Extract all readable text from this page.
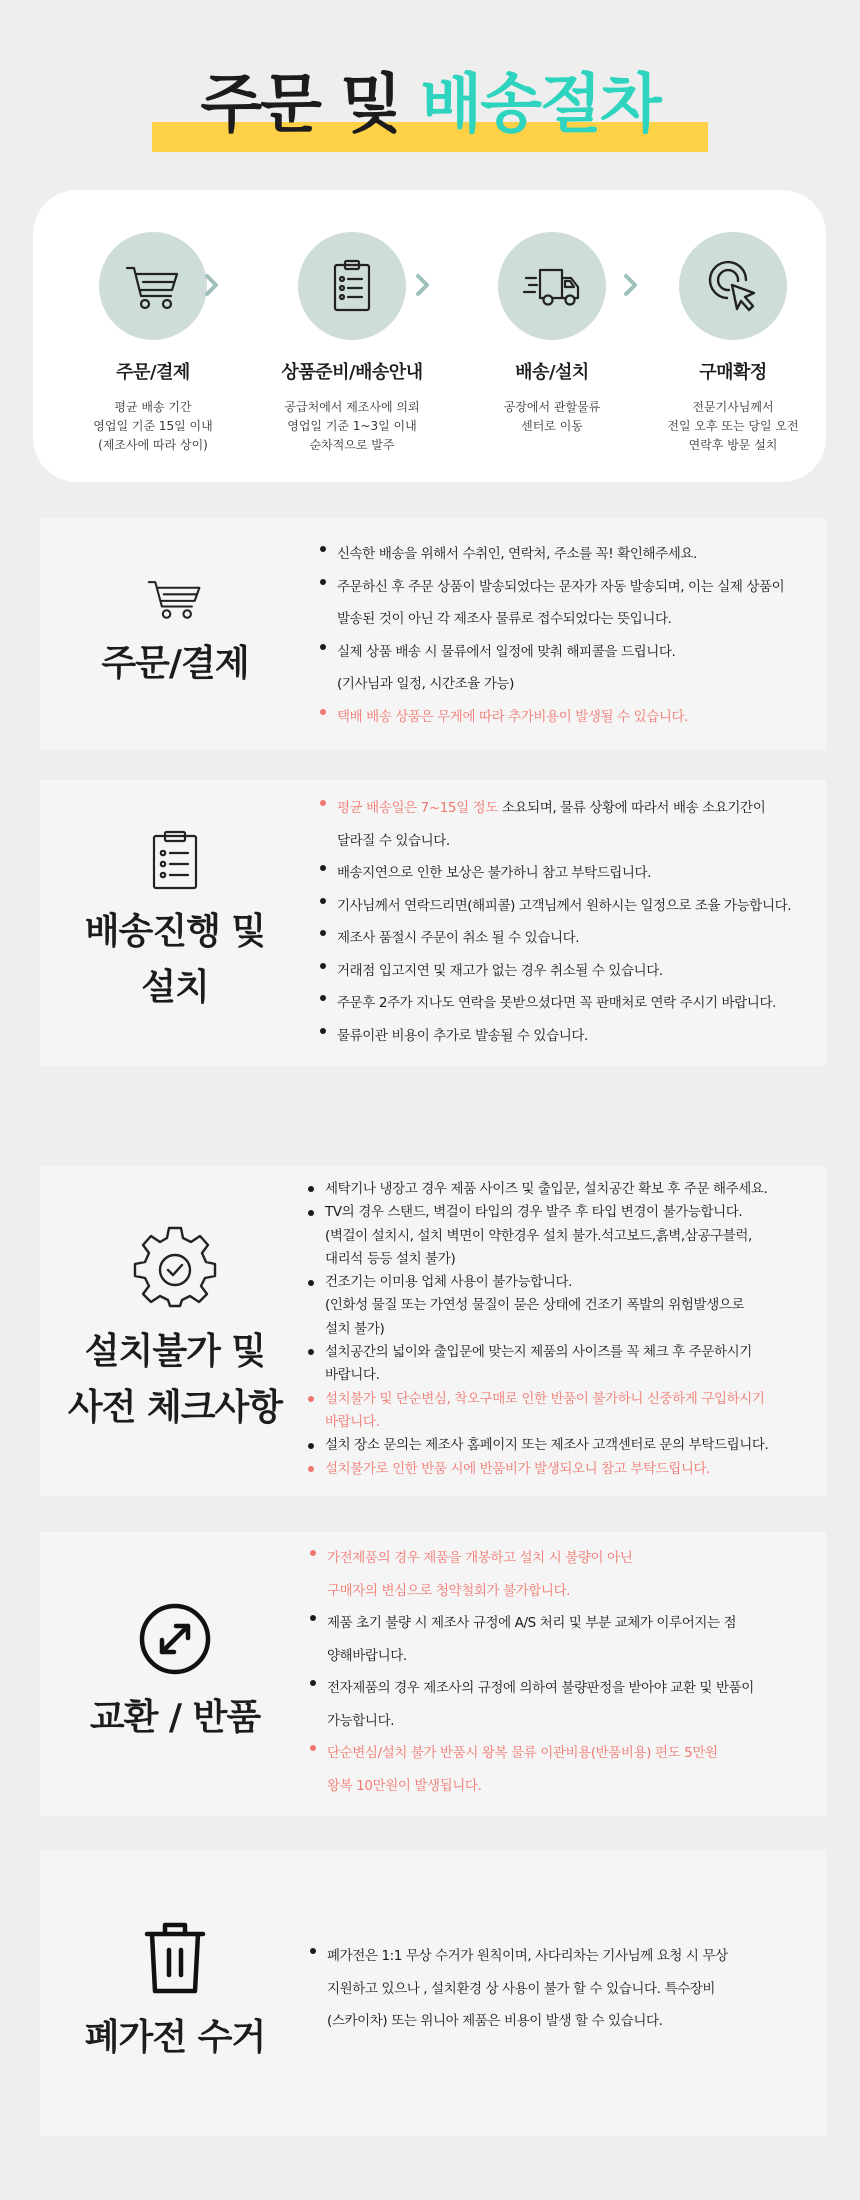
주문 및 배송절차
주문/결제
평균 배송 기간
영업일 기준 15일 이내
(제조사에 따라 상이)
상품준비/배송안내
공급처에서 제조사에 의뢰
영업일 기준 1~3일 이내
순차적으로 발주
배송/설치
공장에서 관할물류
센터로 이동
구매확정
전문기사님께서
전일 오후 또는 당일 오전
연락후 방문 설치
주문/결제
신속한 배송을 위해서 수취인, 연락처, 주소를 꼭! 확인해주세요.
주문하신 후 주문 상품이 발송되었다는 문자가 자동 발송되며, 이는 실제 상품이
발송된 것이 아닌 각 제조사 물류로 접수되었다는 뜻입니다.
실제 상품 배송 시 물류에서 일정에 맞춰 해피콜을 드립니다.
(기사님과 일정, 시간조율 가능)
택배 배송 상품은 무게에 따라 추가비용이 발생될 수 있습니다.
배송진행 및
설치
평균 배송일은 7~15일 정도 소요되며, 물류 상황에 따라서 배송 소요기간이
달라질 수 있습니다.
배송지연으로 인한 보상은 불가하니 참고 부탁드립니다.
기사님께서 연락드리면(해피콜) 고객님께서 원하시는 일정으로 조율 가능합니다.
제조사 품절시 주문이 취소 될 수 있습니다.
거래점 입고지연 및 재고가 없는 경우 취소될 수 있습니다.
주문후 2주가 지나도 연락을 못받으셨다면 꼭 판매처로 연락 주시기 바랍니다.
물류이관 비용이 추가로 발송될 수 있습니다.
설치불가 및
사전 체크사항
세탁기나 냉장고 경우 제품 사이즈 및 출입문, 설치공간 확보 후 주문 해주세요.
TV의 경우 스탠드, 벽걸이 타입의 경우 발주 후 타입 변경이 불가능합니다.
(벽걸이 설치시, 설치 벽면이 약한경우 설치 불가.석고보드,흙벽,삼공구블럭,
대리석 등등 설치 불가)
건조기는 이미용 업체 사용이 불가능합니다.
(인화성 물질 또는 가연성 물질이 묻은 상태에 건조기 폭발의 위험발생으로
설치 불가)
설치공간의 넓이와 출입문에 맞는지 제품의 사이즈를 꼭 체크 후 주문하시기
바랍니다.
설치불가 및 단순변심, 착오구매로 인한 반품이 불가하니 신중하게 구입하시기
바랍니다.
설치 장소 문의는 제조사 홈페이지 또는 제조사 고객센터로 문의 부탁드립니다.
설치불가로 인한 반품 시에 반품비가 발생되오니 참고 부탁드립니다.
교환 / 반품
가전제품의 경우 제품을 개봉하고 설치 시 불량이 아닌
구매자의 변심으로 청약철회가 불가합니다.
제품 초기 불량 시 제조사 규정에 A/S 처리 및 부분 교체가 이루어지는 점
양해바랍니다.
전자제품의 경우 제조사의 규정에 의하여 불량판정을 받아야 교환 및 반품이
가능합니다.
단순변심/설치 불가 반품시 왕복 물류 이관비용(반품비용) 편도 5만원
왕복 10만원이 발생됩니다.
폐가전 수거
폐가전은 1:1 무상 수거가 원칙이며, 사다리차는 기사님께 요청 시 무상
지원하고 있으나 , 설치환경 상 사용이 불가 할 수 있습니다. 특수장비
(스카이차) 또는 위니아 제품은 비용이 발생 할 수 있습니다.
